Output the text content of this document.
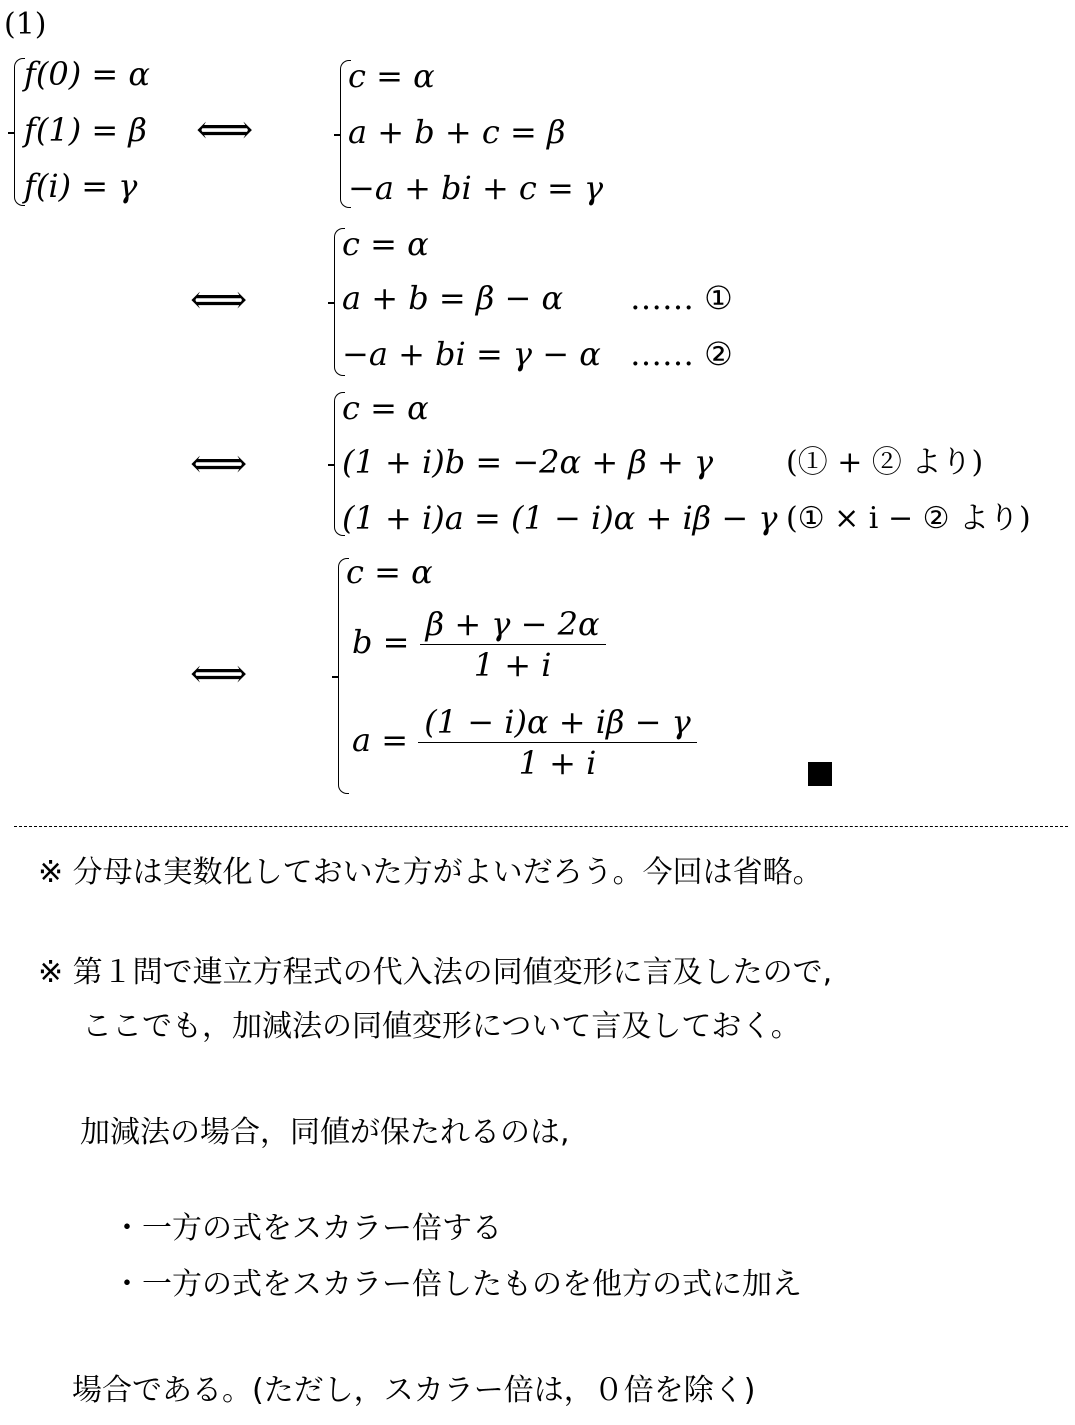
(1)
f(0) = α
f(1) = β
f(i) = γ
⟺
c = α
a + b + c = β
−a + bi + c = γ
⟺
c = α
a + b = β − α
−a + bi = γ − α
…… ①
…… ②
⟺
c = α
(1 + i)b = −2α + β + γ
(1 + i)a = (1 − i)α + iβ − γ
(① + ② より)
(① × i − ② より)
⟺
c = α
$b = \frac{\beta + \gamma - 2\alpha}{1 + i}$
$a = \frac{(1 - i)\alpha + i\beta - \gamma}{1 + i}$
※ 分母は実数化しておいた方がよいだろう。今回は省略。
※ 第１問で連立方程式の代入法の同値変形に言及したので,
ここでも，加減法の同値変形について言及しておく。
加減法の場合，同値が保たれるのは,
・一方の式をスカラー倍する
・一方の式をスカラー倍したものを他方の式に加え
場合である。(ただし，スカラー倍は，０倍を除く)
